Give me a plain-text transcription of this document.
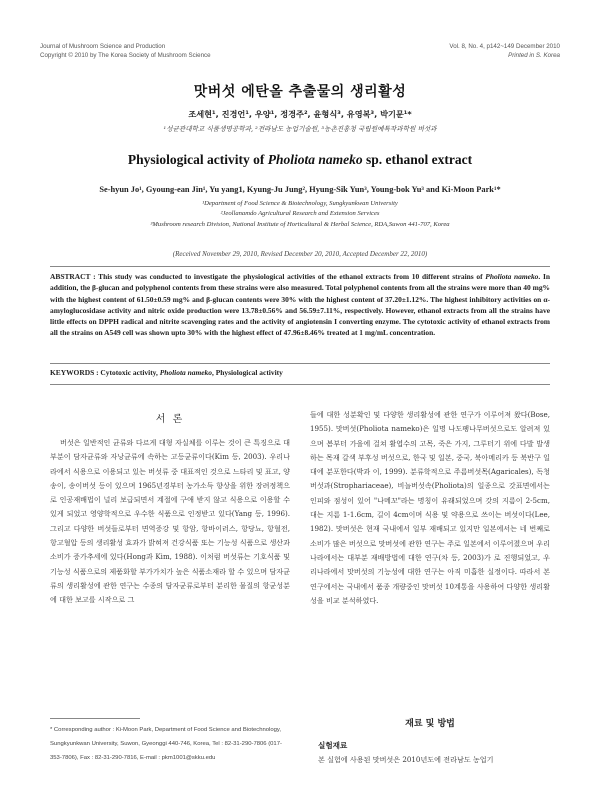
Journal of Mushroom Science and Production
Copyright © 2010 by The Korea Society of Mushroom Science
Vol. 8, No. 4, p142~149 December 2010
Printed in S. Korea
맛버섯 에탄올 추출물의 생리활성
조세현¹, 진경언¹, 우양¹, 정경주², 윤형식³, 유영복³, 박기문¹*
¹성균관대학교 식품생명공학과, ²전라남도 농업기술원, ³농촌진흥청 국립원예특작과학원 버섯과
Physiological activity of Pholiota nameko sp. ethanol extract
Se-hyun Jo¹, Gyoung-ean Jin¹, Yu yang1, Kyung-Ju Jung², Hyung-Sik Yun³, Young-bok Yu³ and Ki-Moon Park¹*
¹Department of Food Science & Biotechnology, Sungkyunkwan University
²Jeollanamdo Agricultural Research and Extension Services
³Mushroom research Division, National Institute of Horticultural & Herbal Science, RDA,Suwon 441-707, Korea
(Received November 29, 2010, Revised December 20, 2010, Accepted December 22, 2010)
ABSTRACT : This study was conducted to investigate the physiological activities of the ethanol extracts from 10 different strains of Pholiota nameko. In addition, the β-glucan and polyphenol contents from these strains were also measured. Total polyphenol contents from all the strains were more than 40 mg% with the highest content of 61.50±0.59 mg% and β-glucan contents were 30% with the highest content of 37.20±1.12%. The highest inhibitory activities on α-amyloglucosidase activity and nitric oxide production were 13.78±0.56% and 56.59±7.11%, respectively. However, ethanol extracts from all the strains have little effects on DPPH radical and nitrite scavenging rates and the activity of angiotensin I converting enzyme. The cytotoxic activity of ethanol extracts from all the strains on A549 cell was shown upto 30% with the highest effect of 47.96±8.46% treated at 1 mg/mL concentration.
KEYWORDS : Cytotoxic activity, Pholiota nameko, Physiological activity
서 론

버섯은 일반적인 균류와 다르게 대형 자실체를 이루는 것이 큰 특징으로 대부분이 담자균류와 자낭균류에 속하는 고등균류이다(Kim 등, 2003). 우리나라에서 식용으로 이용되고 있는 버섯류 중 대표적인 것으로 느타리 및 표고, 양송이, 송이버섯 등이 있으며 1965년경부터 농가소득 향상을 위한 장려정책으로 인공재배법이 널리 보급되면서 계절에 구애 받지 않고 식용으로 이용할 수 있게 되었고 영양학적으로 우수한 식품으로 인정받고 있다(Yang 등, 1996). 그리고 다양한 버섯들로부터 면역증강 및 항암, 항바이러스, 항당뇨, 항혈전, 항고혈압 등의 생리활성 효과가 밝혀져 건강식품 또는 기능성 식품으로 생산과 소비가 증가추세에 있다(Hong과 Kim, 1988). 이처럼 버섯류는 기호식품 및 기능성 식품으로의 제품화할 부가가치가 높은 식품소재라 할 수 있으며 담자균류의 생리활성에 관한 연구는 수종의 담자균류로부터 분리한 물질의 항균성분에 대한 보고를 시작으로 그

들에 대한 성분확인 및 다양한 생리활성에 관한 연구가 이루어져 왔다(Bose, 1955). 맛버섯(Pholiota nameko)은 일명 나도팽나무버섯으로도 알려져 있으며 봄부터 가을에 걸쳐 활엽수의 고목, 죽은 가지, 그루터기 위에 다발 발생하는 목재 갈색 부후성 버섯으로, 한국 및 일본, 중국, 북아메리카 등 북반구 일대에 분포한다(박과 이, 1999). 분류학적으로 주름버섯목(Agaricales), 독청버섯과(Strophariaceae), 비늘버섯속(Pholiota)의 일종으로 갓표면에서는 인피와 점성이 있어 "나메꼬"라는 명칭이 유래되었으며 갓의 지름이 2-5cm, 대는 지름 1-1.6cm, 길이 4cm이며 식용 및 약용으로 쓰이는 버섯이다(Lee, 1982). 맛버섯은 현재 국내에서 일부 재배되고 있지만 일본에서는 네 번째로 소비가 많은 버섯으로 맛버섯에 관한 연구는 주로 일본에서 이루어졌으며 우리나라에서는 대부분 재배방법에 대한 연구(차 등, 2003)가 로 진행되었고, 우리나라에서 맛버섯의 기능성에 대한 연구는 아직 미흡한 실정이다. 따라서 본 연구에서는 국내에서 품종 개량중인 맛버섯 10계통을 사용하여 다양한 생리활성을 비교 분석하였다.

* Corresponding author : Ki-Moon Park, Department of Food Science and Biotechnology, Sungkyunkwan University, Suwon, Gyeonggi 440-746, Korea, Tel : 82-31-290-7806 (017-353-7806), Fax : 82-31-290-7816, E-mail : pkm1001@skku.edu
재료 및 방법
실험재료
본 실험에 사용된 맛버섯은 2010년도에 전라남도 농업기
